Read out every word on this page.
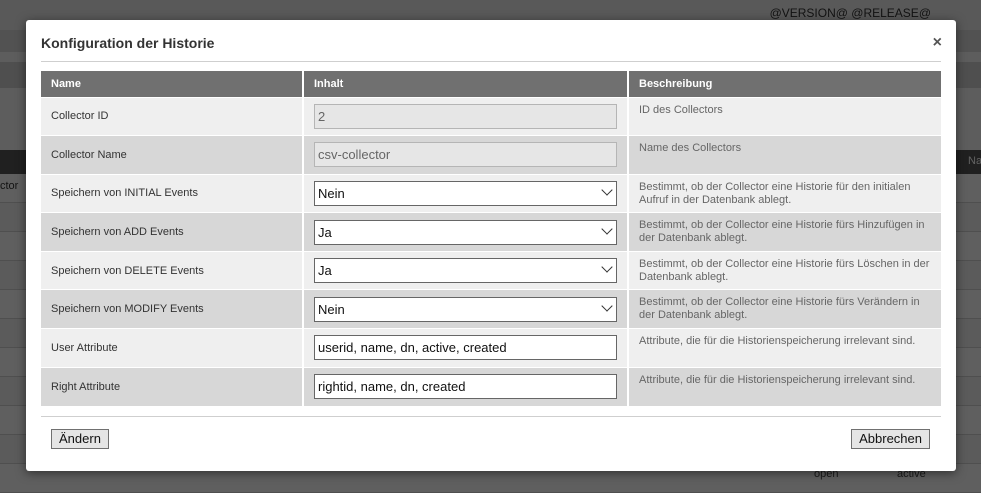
Konfiguration der Historie	×
Name	Inhalt	Beschreibung
Collector ID	2	ID des Collectors
Collector Name	csv-collector	Name des Collectors
Speichern von INITIAL Events	Nein	Bestimmt, ob der Collector eine Historie für den initialen Aufruf in der Datenbank ablegt.
Speichern von ADD Events	Ja	Bestimmt, ob der Collector eine Historie fürs Hinzufügen in der Datenbank ablegt.
Speichern von DELETE Events	Ja	Bestimmt, ob der Collector eine Historie fürs Löschen in der Datenbank ablegt.
Speichern von MODIFY Events	Nein	Bestimmt, ob der Collector eine Historie fürs Verändern in der Datenbank ablegt.
User Attribute	userid, name, dn, active, created	Attribute, die für die Historienspeicherung irrelevant sind.
Right Attribute	rightid, name, dn, created	Attribute, die für die Historienspeicherung irrelevant sind.
Ändern	Abbrechen
